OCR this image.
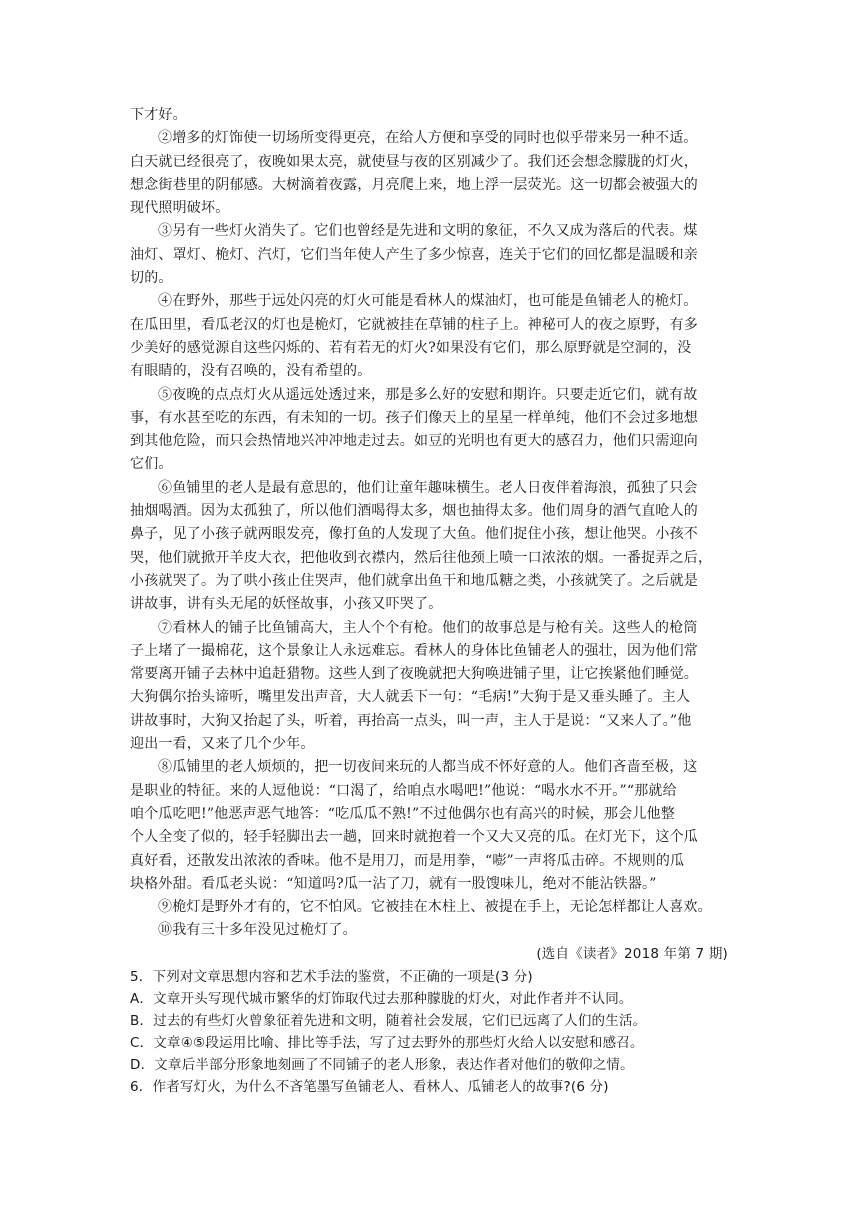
下才好。
②增多的灯饰使一切场所变得更亮，在给人方便和享受的同时也似乎带来另一种不适。
白天就已经很亮了，夜晚如果太亮，就使昼与夜的区别减少了。我们还会想念朦胧的灯火，
想念街巷里的阴郁感。大树滴着夜露，月亮爬上来，地上浮一层荧光。这一切都会被强大的
现代照明破坏。
③另有一些灯火消失了。它们也曾经是先进和文明的象征，不久又成为落后的代表。煤
油灯、罩灯、桅灯、汽灯，它们当年使人产生了多少惊喜，连关于它们的回忆都是温暖和亲
切的。
④在野外，那些于远处闪亮的灯火可能是看林人的煤油灯，也可能是鱼铺老人的桅灯。
在瓜田里，看瓜老汉的灯也是桅灯，它就被挂在草铺的柱子上。神秘可人的夜之原野，有多
少美好的感觉源自这些闪烁的、若有若无的灯火?如果没有它们，那么原野就是空洞的，没
有眼睛的，没有召唤的，没有希望的。
⑤夜晚的点点灯火从遥远处透过来，那是多么好的安慰和期许。只要走近它们，就有故
事，有水甚至吃的东西，有未知的一切。孩子们像天上的星星一样单纯，他们不会过多地想
到其他危险，而只会热情地兴冲冲地走过去。如豆的光明也有更大的感召力，他们只需迎向
它们。
⑥鱼铺里的老人是最有意思的，他们让童年趣味横生。老人日夜伴着海浪，孤独了只会
抽烟喝酒。因为太孤独了，所以他们酒喝得太多，烟也抽得太多。他们周身的酒气直呛人的
鼻子，见了小孩子就两眼发亮，像打鱼的人发现了大鱼。他们捉住小孩，想让他哭。小孩不
哭，他们就掀开羊皮大衣，把他收到衣襟内，然后往他颈上喷一口浓浓的烟。一番捉弄之后，
小孩就哭了。为了哄小孩止住哭声，他们就拿出鱼干和地瓜糖之类，小孩就笑了。之后就是
讲故事，讲有头无尾的妖怪故事，小孩又吓哭了。
⑦看林人的铺子比鱼铺高大，主人个个有枪。他们的故事总是与枪有关。这些人的枪筒
子上堵了一撮棉花，这个景象让人永远难忘。看林人的身体比鱼铺老人的强壮，因为他们常
常要离开铺子去林中追赶猎物。这些人到了夜晚就把大狗唤进铺子里，让它挨紧他们睡觉。
大狗偶尔抬头谛听，嘴里发出声音，大人就丢下一句：“毛病!”大狗于是又垂头睡了。主人
讲故事时，大狗又抬起了头，听着，再抬高一点头，叫一声，主人于是说：“又来人了。”他
迎出一看，又来了几个少年。
⑧瓜铺里的老人烦烦的，把一切夜间来玩的人都当成不怀好意的人。他们吝啬至极，这
是职业的特征。来的人逗他说：“口渴了，给咱点水喝吧!”他说：“喝水水不开。”“那就给
咱个瓜吃吧!”他恶声恶气地答：“吃瓜瓜不熟!”不过他偶尔也有高兴的时候，那会儿他整
个人全变了似的，轻手轻脚出去一趟，回来时就抱着一个又大又亮的瓜。在灯光下，这个瓜
真好看，还散发出浓浓的香味。他不是用刀，而是用拳，“嘭”一声将瓜击碎。不规则的瓜
块格外甜。看瓜老头说：“知道吗?瓜一沾了刀，就有一股馊味儿，绝对不能沾铁器。”
⑨桅灯是野外才有的，它不怕风。它被挂在木柱上、被提在手上，无论怎样都让人喜欢。
⑩我有三十多年没见过桅灯了。
(选自《读者》2018 年第 7 期)
5．下列对文章思想内容和艺术手法的鉴赏，不正确的一项是(3 分)
A．文章开头写现代城市繁华的灯饰取代过去那种朦胧的灯火，对此作者并不认同。
B．过去的有些灯火曾象征着先进和文明，随着社会发展，它们已远离了人们的生活。
C．文章④⑤段运用比喻、排比等手法，写了过去野外的那些灯火给人以安慰和感召。
D．文章后半部分形象地刻画了不同铺子的老人形象，表达作者对他们的敬仰之情。
6．作者写灯火，为什么不吝笔墨写鱼铺老人、看林人、瓜铺老人的故事?(6 分)
